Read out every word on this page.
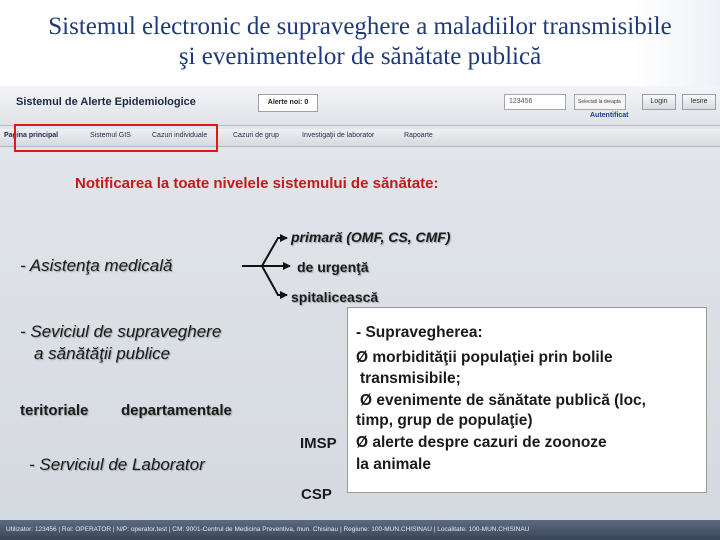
Sistemul electronic de supraveghere a maladiilor transmisibile
şi evenimentelor de sănătate publică
Sistemul de Alerte Epidemiologice	Alerte noi: 0	123456	Selectati la dreapta	Login	Iesire
Autentificat
Pagina principal	Sistemul GIS	Cazuri individuale	Cazuri de grup	Investigaţii de laborator	Rapoarte
Notificarea la toate nivelele sistemului de sănătate:
primară (OMF, CS, CMF)
- Asistenţa medicală	de urgenţă
spitalicească
- Seviciul de supraveghere
a sănătăţii publice
teritoriale departamentale
- Serviciul de Laborator
IMSP
CSP
- Supravegherea:
Ø morbidităţii populaţiei prin bolile
transmisibile;
Ø evenimente de sănătate publică (loc,
timp, grup de populaţie)
Ø alerte despre cazuri de zoonoze
la animale
Utilizator: 123456 | Rol: OPERATOR | N/P: operator,test | CM: 9001-Centrul de Medicina Preventiva, mun. Chisinau | Regiune: 100-MUN.CHISINAU | Localitate: 100-MUN.CHISINAU
